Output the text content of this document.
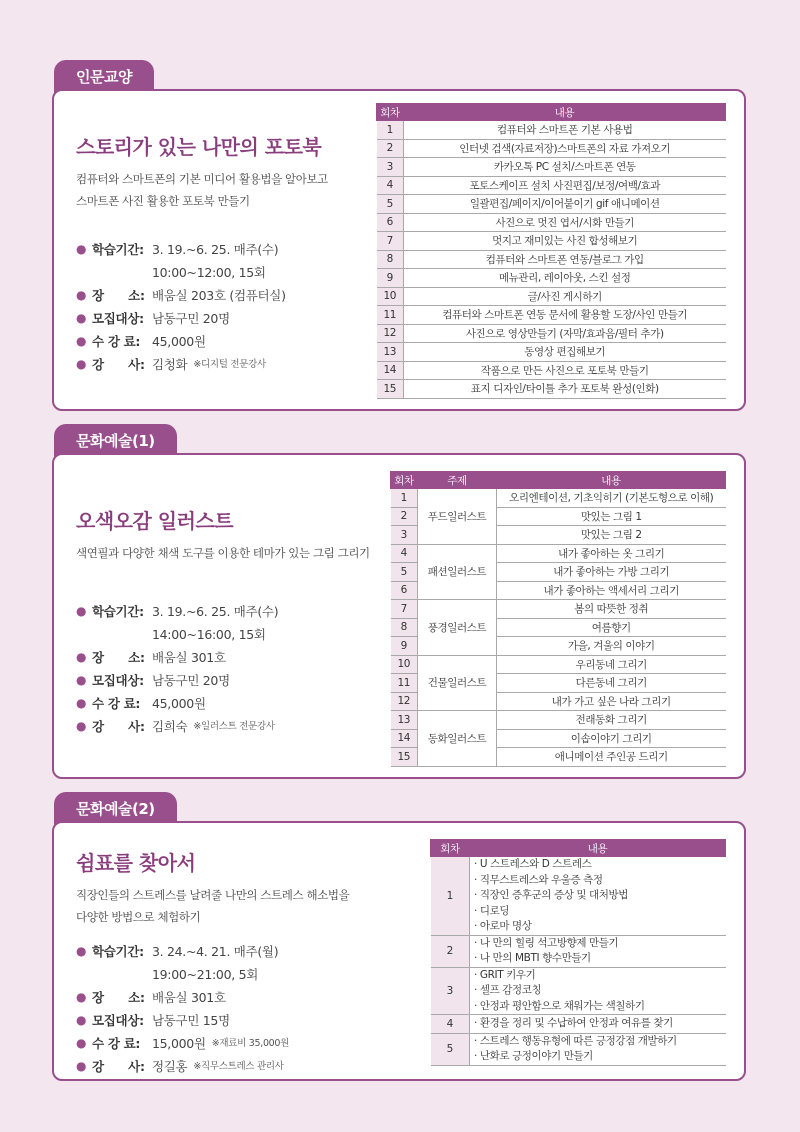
인문교양
스토리가 있는 나만의 포토북
컴퓨터와 스마트폰의 기본 미디어 활용법을 알아보고
스마트폰 사진 활용한 포토북 만들기
● 학습기간: 3. 19.~6. 25. 매주(수)
10:00~12:00, 15회
● 장　　소: 배움실 203호 (컴퓨터실)
● 모집대상: 남동구민 20명
● 수 강 료: 45,000원
● 강　　사: 김청화 ※디지털 전문강사
회차	내용
1	컴퓨터와 스마트폰 기본 사용법
2	인터넷 검색(자료저장)스마트폰의 자료 가져오기
3	카카오톡 PC 설치/스마트폰 연동
4	포토스케이프 설치 사진편집/보정/여백/효과
5	일괄편집/페이지/이어붙이기 gif 애니메이션
6	사진으로 멋진 엽서/시화 만들기
7	멋지고 재미있는 사진 합성해보기
8	컴퓨터와 스마트폰 연동/블로그 가입
9	메뉴관리, 레이아웃, 스킨 설정
10	글/사진 게시하기
11	컴퓨터와 스마트폰 연동 문서에 활용할 도장/사인 만들기
12	사진으로 영상만들기 (자막/효과음/필터 추가)
13	동영상 편집해보기
14	작품으로 만든 사진으로 포토북 만들기
15	표지 디자인/타이틀 추가 포토북 완성(인화)
문화예술(1)
오색오감 일러스트
색연필과 다양한 채색 도구를 이용한 테마가 있는 그림 그리기
● 학습기간: 3. 19.~6. 25. 매주(수)
14:00~16:00, 15회
● 장　　소: 배움실 301호
● 모집대상: 남동구민 20명
● 수 강 료: 45,000원
● 강　　사: 김희숙 ※일러스트 전문강사
회차	주제	내용
1	푸드일러스트	오리엔테이션, 기초익히기 (기본도형으로 이해)
2		맛있는 그림 1
3		맛있는 그림 2
4	패션일러스트	내가 좋아하는 옷 그리기
5		내가 좋아하는 가방 그리기
6		내가 좋아하는 액세서리 그리기
7	풍경일러스트	봄의 따뜻한 정취
8		여름향기
9		가을, 겨울의 이야기
10	건물일러스트	우리동네 그리기
11		다른동네 그리기
12		내가 가고 싶은 나라 그리기
13	동화일러스트	전래동화 그리기
14		이솝이야기 그리기
15		애니메이션 주인공 드리기
문화예술(2)
쉼표를 찾아서
직장인들의 스트레스를 날려줄 나만의 스트레스 해소법을
다양한 방법으로 체험하기
● 학습기간: 3. 24.~4. 21. 매주(월)
19:00~21:00, 5회
● 장　　소: 배움실 301호
● 모집대상: 남동구민 15명
● 수 강 료: 15,000원 ※재료비 35,000원
● 강　　사: 정길홍 ※직무스트레스 관리사
회차	내용
1	· U 스트레스와 D 스트레스
· 직무스트레스와 우울증 측정
· 직장인 증후군의 증상 및 대처방법
· 디로딩
· 아로마 명상

2	· 나 만의 힐링 석고방향제 만들기
· 나 만의 MBTI 향수만들기

3	· GRIT 키우기
· 셀프 감정코칭
· 안정과 평안함으로 채워가는 색칠하기

4	· 환경을 정리 및 수납하여 안정과 여유를 찾기

5	· 스트레스 행동유형에 따른 긍정강점 개발하기
· 난화로 긍정이야기 만들기
